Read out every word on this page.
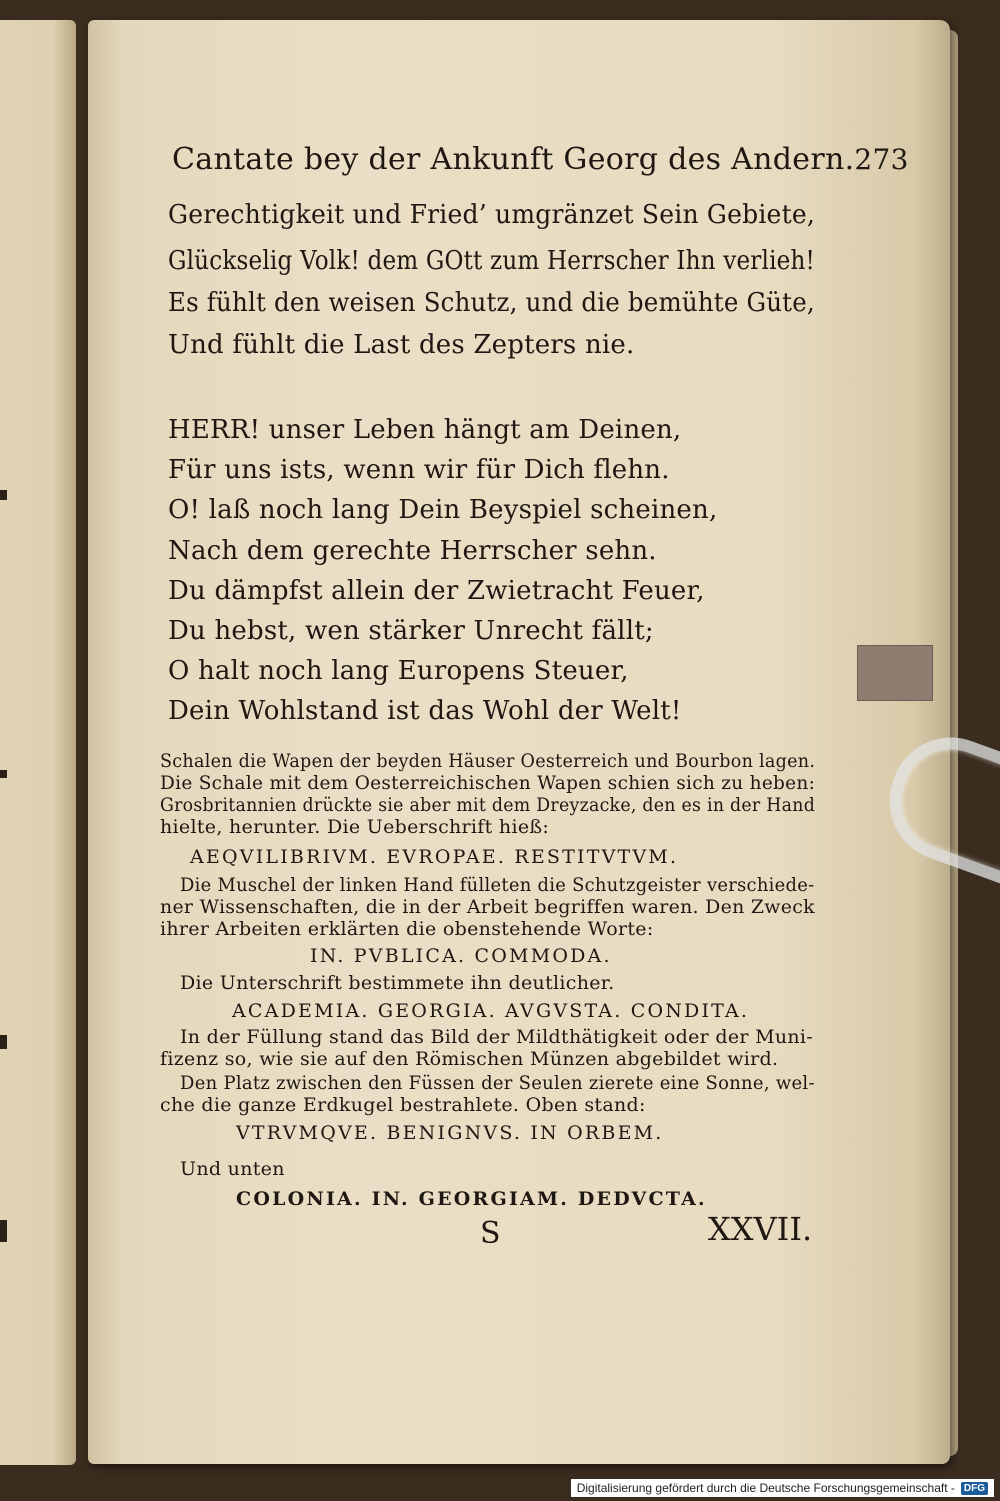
Cantate bey der Ankunft Georg des Andern. 273
Gerechtigkeit und Fried’ umgränzet Sein Gebiete,
Glückselig Volk! dem GOtt zum Herrscher Ihn verlieh!
Es fühlt den weisen Schutz, und die bemühte Güte,
Und fühlt die Last des Zepters nie.
HERR! unser Leben hängt am Deinen,
Für uns ists, wenn wir für Dich flehn.
O! laß noch lang Dein Beyspiel scheinen,
Nach dem gerechte Herrscher sehn.
Du dämpfst allein der Zwietracht Feuer,
Du hebst, wen stärker Unrecht fällt;
O halt noch lang Europens Steuer,
Dein Wohlstand ist das Wohl der Welt!
Schalen die Wapen der beyden Häuser Oesterreich und Bourbon lagen.
Die Schale mit dem Oesterreichischen Wapen schien sich zu heben:
Grosbritannien drückte sie aber mit dem Dreyzacke, den es in der Hand
hielte, herunter. Die Ueberschrift hieß:
AEQVILIBRIVM. EVROPAE. RESTITVTVM.
Die Muschel der linken Hand fülleten die Schutzgeister verschiede-
ner Wissenschaften, die in der Arbeit begriffen waren. Den Zweck
ihrer Arbeiten erklärten die obenstehende Worte:
IN. PVBLICA. COMMODA.
Die Unterschrift bestimmete ihn deutlicher.
ACADEMIA. GEORGIA. AVGVSTA. CONDITA.
In der Füllung stand das Bild der Mildthätigkeit oder der Muni-
fizenz so, wie sie auf den Römischen Münzen abgebildet wird.
Den Platz zwischen den Füssen der Seulen zierete eine Sonne, wel-
che die ganze Erdkugel bestrahlete. Oben stand:
VTRVMQVE. BENIGNVS. IN ORBEM.
Und unten
COLONIA. IN. GEORGIAM. DEDVCTA.
S	XXVII.
Digitalisierung gefördert durch die Deutsche Forschungsgemeinschaft - DFG
